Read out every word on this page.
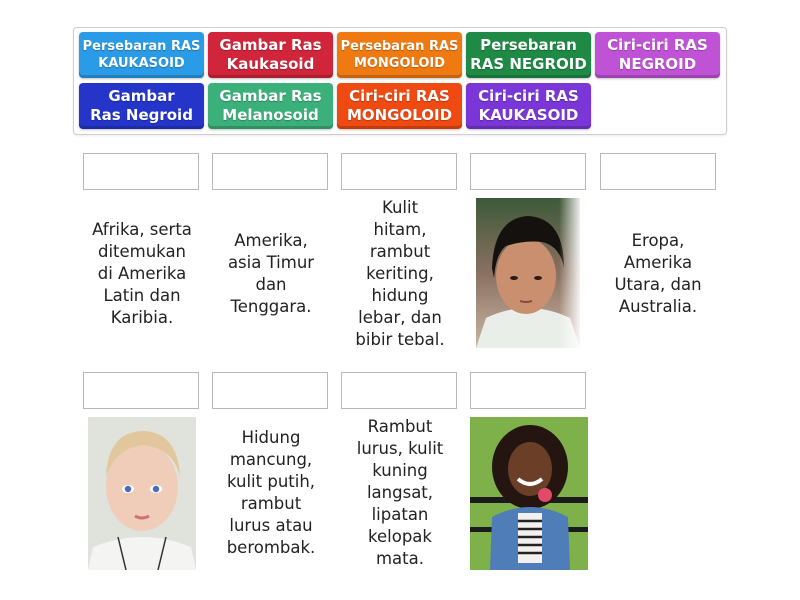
Persebaran RAS
KAUKASOID
Gambar Ras
Kaukasoid
Persebaran RAS
MONGOLOID
Persebaran
RAS NEGROID
Ciri-ciri RAS
NEGROID
Gambar
Ras Negroid
Gambar Ras
Melanosoid
Ciri-ciri RAS
MONGOLOID
Ciri-ciri RAS
KAUKASOID
Afrika, serta ditemukan di Amerika Latin dan Karibia.
Amerika, asia Timur dan Tenggara.
Kulit hitam, rambut keriting, hidung lebar, dan bibir tebal.
Eropa, Amerika Utara, dan Australia.
Hidung mancung, kulit putih, rambut lurus atau berombak.
Rambut lurus, kulit kuning langsat, lipatan kelopak mata.
